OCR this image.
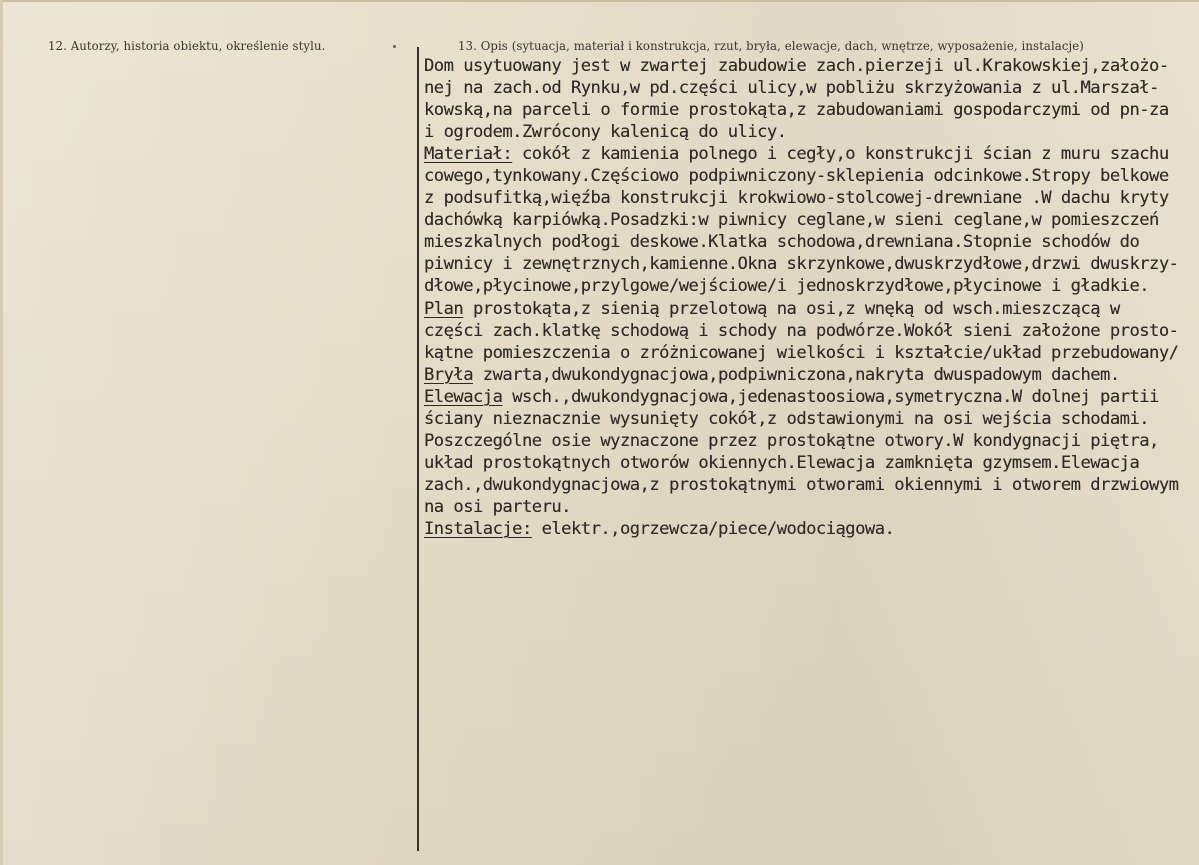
12. Autorzy, historia obiektu, określenie stylu.	13. Opis (sytuacja, materiał i konstrukcja, rzut, bryła, elewacje, dach, wnętrze, wyposażenie, instalacje)
Dom usytuowany jest w zwartej zabudowie zach.pierzeji ul.Krakowskiej,założo-
nej na zach.od Rynku,w pd.części ulicy,w pobliżu skrzyżowania z ul.Marszał-
kowską,na parceli o formie prostokąta,z zabudowaniami gospodarczymi od pn-za
i ogrodem.Zwrócony kalenicą do ulicy.
Materiał: cokół z kamienia polnego i cegły,o konstrukcji ścian z muru szachu
cowego,tynkowany.Częściowo podpiwniczony-sklepienia odcinkowe.Stropy belkowe
z podsufitką,więźba konstrukcji krokwiowo-stolcowej-drewniane .W dachu kryty
dachówką karpiówką.Posadzki:w piwnicy ceglane,w sieni ceglane,w pomieszczeń
mieszkalnych podłogi deskowe.Klatka schodowa,drewniana.Stopnie schodów do
piwnicy i zewnętrznych,kamienne.Okna skrzynkowe,dwuskrzydłowe,drzwi dwuskrzy-
dłowe,płycinowe,przylgowe/wejściowe/i jednoskrzydłowe,płycinowe i gładkie.
Plan prostokąta,z sienią przelotową na osi,z wnęką od wsch.mieszczącą w
części zach.klatkę schodową i schody na podwórze.Wokół sieni założone prosto-
kątne pomieszczenia o zróżnicowanej wielkości i kształcie/układ przebudowany/
Bryła zwarta,dwukondygnacjowa,podpiwniczona,nakryta dwuspadowym dachem.
Elewacja wsch.,dwukondygnacjowa,jedenastoosiowa,symetryczna.W dolnej partii
ściany nieznacznie wysunięty cokół,z odstawionymi na osi wejścia schodami.
Poszczególne osie wyznaczone przez prostokątne otwory.W kondygnacji piętra,
układ prostokątnych otworów okiennych.Elewacja zamknięta gzymsem.Elewacja
zach.,dwukondygnacjowa,z prostokątnymi otworami okiennymi i otworem drzwiowym
na osi parteru.
Instalacje: elektr.,ogrzewcza/piece/wodociągowa.
